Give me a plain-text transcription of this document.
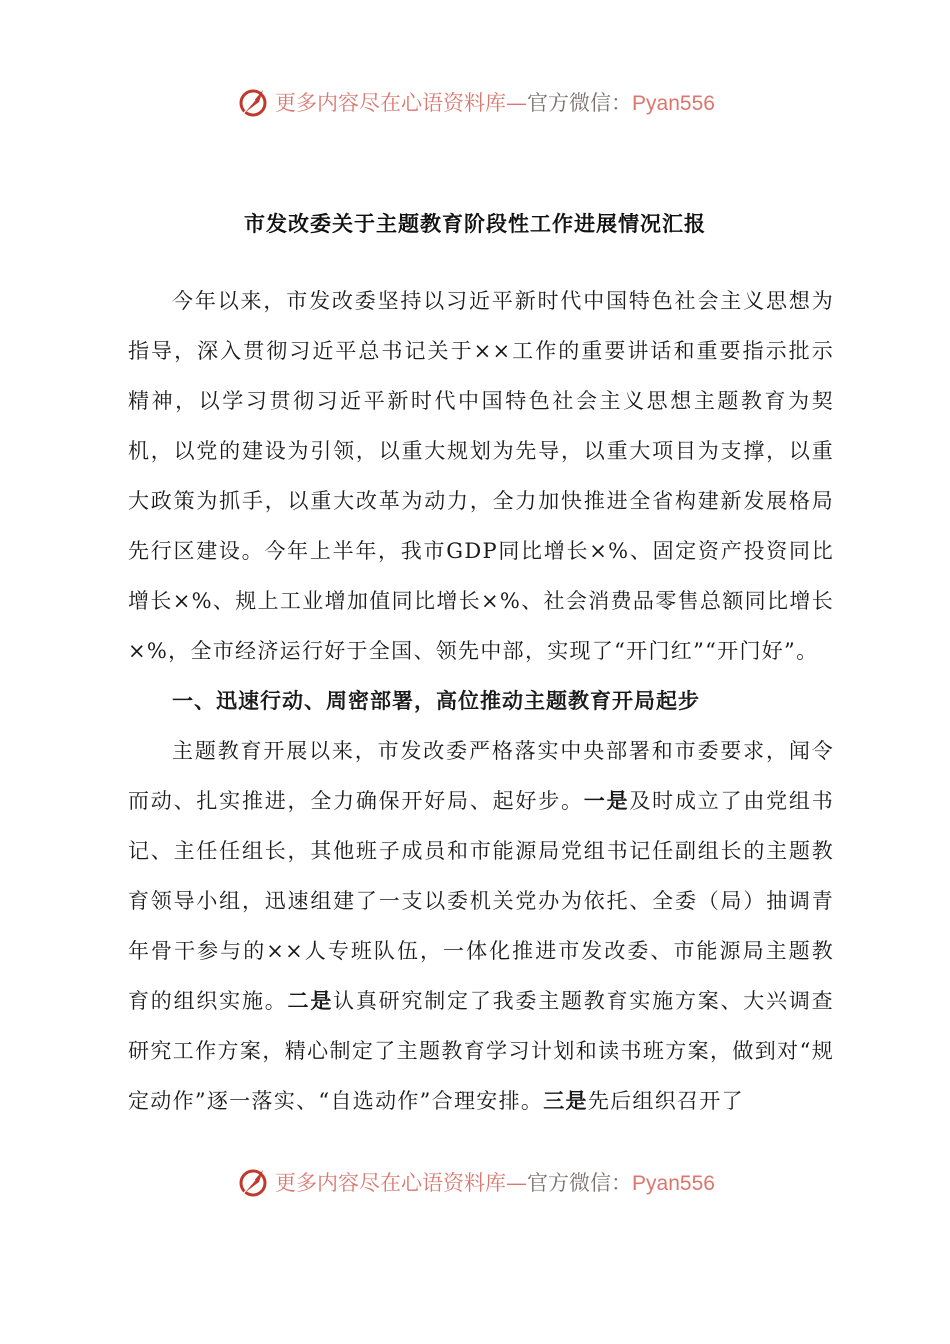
更多内容尽在心语资料库—官方微信：Pyan556
市发改委关于主题教育阶段性工作进展情况汇报

今年以来，市发改委坚持以习近平新时代中国特色社会主义思想为指导，深入贯彻习近平总书记关于××工作的重要讲话和重要指示批示精神，以学习贯彻习近平新时代中国特色社会主义思想主题教育为契机，以党的建设为引领，以重大规划为先导，以重大项目为支撑，以重大政策为抓手，以重大改革为动力，全力加快推进全省构建新发展格局先行区建设。今年上半年，我市GDP同比增长×%、固定资产投资同比增长×%、规上工业增加值同比增长×%、社会消费品零售总额同比增长×%，全市经济运行好于全国、领先中部，实现了“开门红”“开门好”。

一、迅速行动、周密部署，高位推动主题教育开局起步

主题教育开展以来，市发改委严格落实中央部署和市委要求，闻令而动、扎实推进，全力确保开好局、起好步。一是及时成立了由党组书记、主任任组长，其他班子成员和市能源局党组书记任副组长的主题教育领导小组，迅速组建了一支以委机关党办为依托、全委（局）抽调青年骨干参与的××人专班队伍，一体化推进市发改委、市能源局主题教育的组织实施。二是认真研究制定了我委主题教育实施方案、大兴调查研究工作方案，精心制定了主题教育学习计划和读书班方案，做到对“规定动作”逐一落实、“自选动作”合理安排。三是先后组织召开了

更多内容尽在心语资料库—官方微信：Pyan556
